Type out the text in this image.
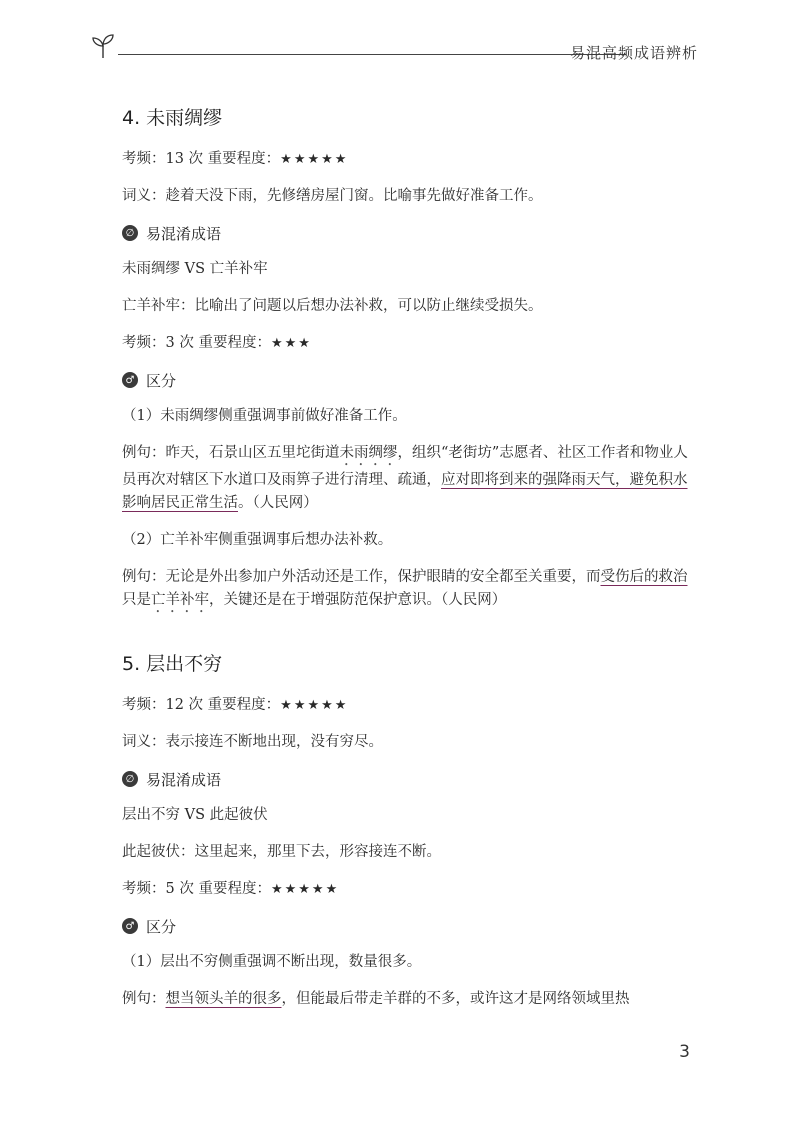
易混高频成语辨析
4. 未雨绸缪

考频：13 次 重要程度：★★★★★

词义：趁着天没下雨，先修缮房屋门窗。比喻事先做好准备工作。

∅ 易混淆成语

未雨绸缪 VS 亡羊补牢

亡羊补牢：比喻出了问题以后想办法补救，可以防止继续受损失。

考频：3 次 重要程度：★★★

♂ 区分

（1）未雨绸缪侧重强调事前做好准备工作。

例句：昨天，石景山区五里坨街道未雨绸缪，组织“老街坊”志愿者、社区工作者和物业人员再次对辖区下水道口及雨箅子进行清理、疏通，应对即将到来的强降雨天气，避免积水影响居民正常生活。（人民网）

（2）亡羊补牢侧重强调事后想办法补救。

例句：无论是外出参加户外活动还是工作，保护眼睛的安全都至关重要，而受伤后的救治只是亡羊补牢，关键还是在于增强防范保护意识。（人民网）

5. 层出不穷

考频：12 次 重要程度：★★★★★

词义：表示接连不断地出现，没有穷尽。

∅ 易混淆成语

层出不穷 VS 此起彼伏

此起彼伏：这里起来，那里下去，形容接连不断。

考频：5 次 重要程度：★★★★★

♂ 区分

（1）层出不穷侧重强调不断出现，数量很多。

例句：想当领头羊的很多，但能最后带走羊群的不多，或许这才是网络领域里热

3
